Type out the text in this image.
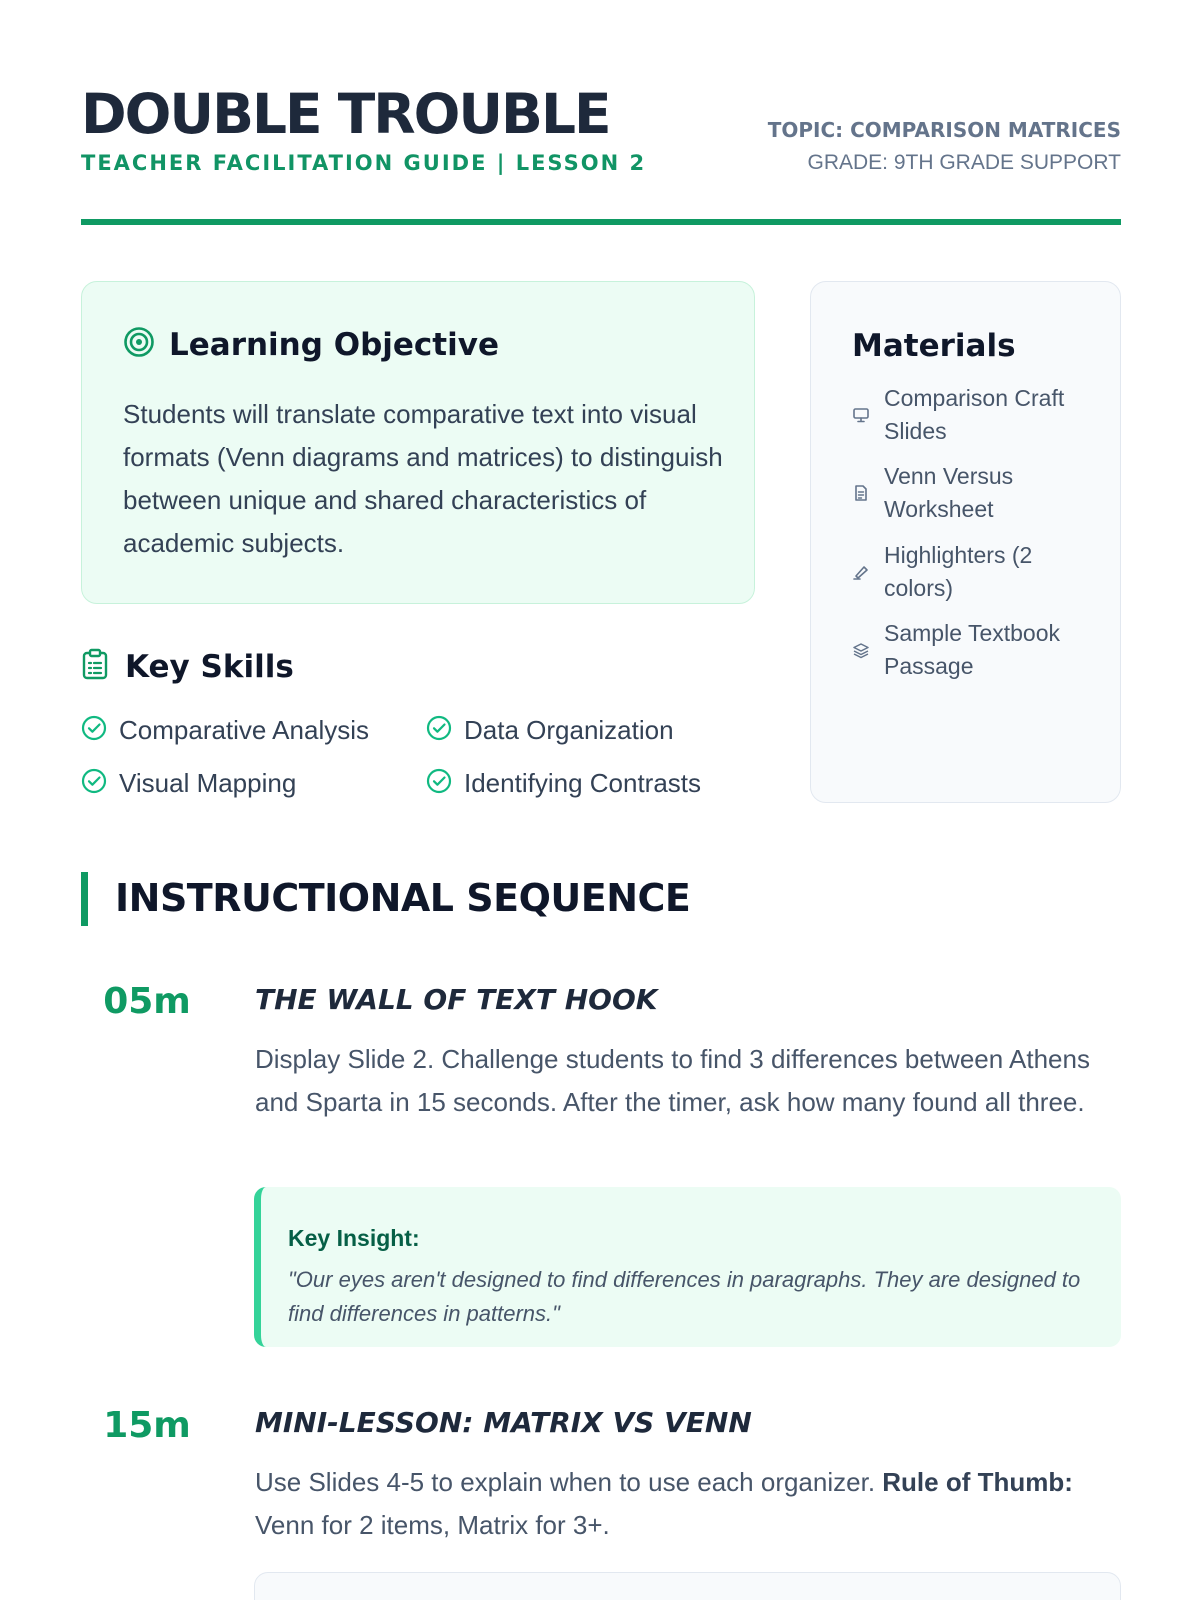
DOUBLE TROUBLE
TEACHER FACILITATION GUIDE | LESSON 2
TOPIC: COMPARISON MATRICES
GRADE: 9TH GRADE SUPPORT
Learning Objective

Students will translate comparative text into visual formats (Venn diagrams and matrices) to distinguish between unique and shared characteristics of academic subjects.

Materials
Comparison Craft Slides
Venn Versus Worksheet
Highlighters (2 colors)
Sample Textbook Passage
Key Skills
Comparative Analysis	Data Organization
Visual Mapping	Identifying Contrasts
INSTRUCTIONAL SEQUENCE
05m	THE WALL OF TEXT HOOK

Display Slide 2. Challenge students to find 3 differences between Athens and Sparta in 15 seconds. After the timer, ask how many found all three.

Key Insight:
"Our eyes aren't designed to find differences in paragraphs. They are designed to find differences in patterns."
15m	MINI-LESSON: MATRIX VS VENN

Use Slides 4-5 to explain when to use each organizer. Rule of Thumb: Venn for 2 items, Matrix for 3+.
